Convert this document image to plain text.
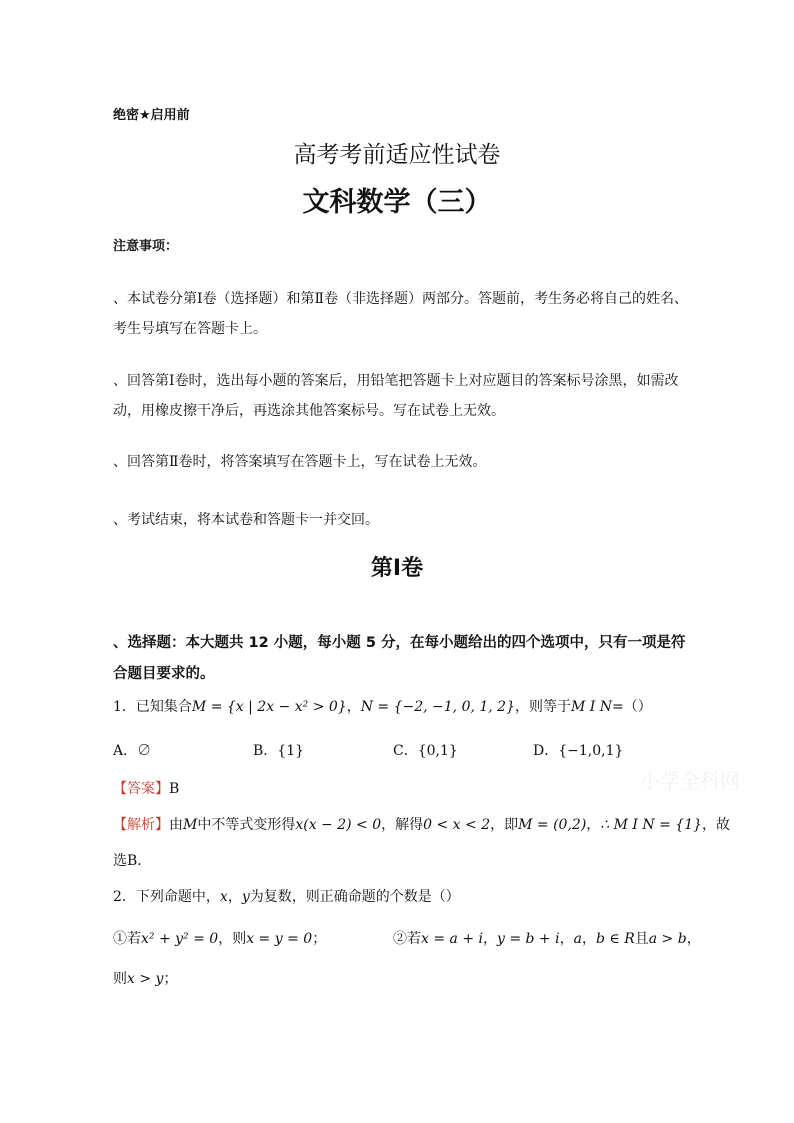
绝密★启用前
高考考前适应性试卷
文科数学（三）
注意事项：
、本试卷分第Ⅰ卷（选择题）和第Ⅱ卷（非选择题）两部分。答题前，考生务必将自己的姓名、考生号填写在答题卡上。
、回答第Ⅰ卷时，选出每小题的答案后，用铅笔把答题卡上对应题目的答案标号涂黑，如需改动，用橡皮擦干净后，再选涂其他答案标号。写在试卷上无效。
、回答第Ⅱ卷时，将答案填写在答题卡上，写在试卷上无效。
、考试结束，将本试卷和答题卡一并交回。
第Ⅰ卷
、选择题：本大题共 12 小题，每小题 5 分，在每小题给出的四个选项中，只有一项是符合题目要求的。
1．已知集合M = {x | 2x − x² > 0}，N = {−2, −1, 0, 1, 2}，则等于M I N=（）
A．∅	B．{1}	C．{0,1}	D．{−1,0,1}
小学全科网
【答案】B
【解析】由M中不等式变形得x(x − 2) < 0，解得0 < x < 2，即M = (0,2)，∴ M I N = {1}，故
选B．
2．下列命题中，x，y为复数，则正确命题的个数是（）
①若x² + y² = 0，则x = y = 0；	②若x = a + i，y = b + i，a，b ∈ R且a > b，
则x > y；
